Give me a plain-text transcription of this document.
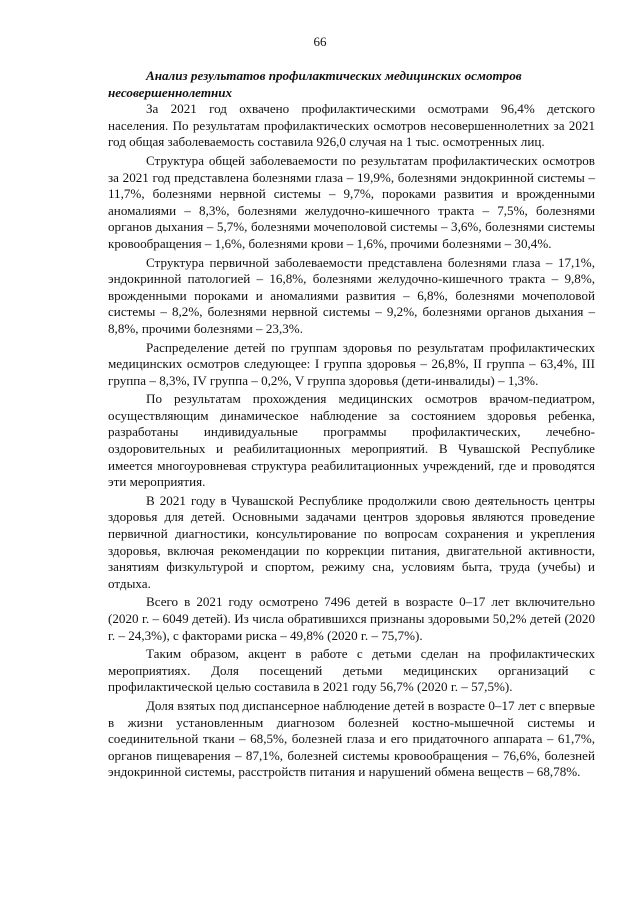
66
Анализ результатов профилактических медицинских осмотров несовершеннолетних

За 2021 год охвачено профилактическими осмотрами 96,4% детского населения. По результатам профилактических осмотров несовершеннолетних за 2021 год общая заболеваемость составила 926,0 случая на 1 тыс. осмотренных лиц.

Структура общей заболеваемости по результатам профилактических осмотров за 2021 год представлена болезнями глаза – 19,9%, болезнями эндокринной системы – 11,7%, болезнями нервной системы – 9,7%, пороками развития и врожденными аномалиями – 8,3%, болезнями желудочно-кишечного тракта – 7,5%, болезнями органов дыхания – 5,7%, болезнями мочеполовой системы – 3,6%, болезнями системы кровообращения – 1,6%, болезнями крови – 1,6%, прочими болезнями – 30,4%.

Структура первичной заболеваемости представлена болезнями глаза – 17,1%, эндокринной патологией – 16,8%, болезнями желудочно-кишечного тракта – 9,8%, врожденными пороками и аномалиями развития – 6,8%, болезнями мочеполовой системы – 8,2%, болезнями нервной системы – 9,2%, болезнями органов дыхания – 8,8%, прочими болезнями – 23,3%.

Распределение детей по группам здоровья по результатам профилактических медицинских осмотров следующее: I группа здоровья – 26,8%, II группа – 63,4%, III группа – 8,3%, IV группа – 0,2%, V группа здоровья (дети-инвалиды) – 1,3%.

По результатам прохождения медицинских осмотров врачом-педиатром, осуществляющим динамическое наблюдение за состоянием здоровья ребенка, разработаны индивидуальные программы профилактических, лечебно-оздоровительных и реабилитационных мероприятий. В Чувашской Республике имеется многоуровневая структура реабилитационных учреждений, где и проводятся эти мероприятия.

В 2021 году в Чувашской Республике продолжили свою деятельность центры здоровья для детей. Основными задачами центров здоровья являются проведение первичной диагностики, консультирование по вопросам сохранения и укрепления здоровья, включая рекомендации по коррекции питания, двигательной активности, занятиям физкультурой и спортом, режиму сна, условиям быта, труда (учебы) и отдыха.

Всего в 2021 году осмотрено 7496 детей в возрасте 0–17 лет включительно (2020 г. – 6049 детей). Из числа обратившихся признаны здоровыми 50,2% детей (2020 г. – 24,3%), с факторами риска – 49,8% (2020 г. – 75,7%).

Таким образом, акцент в работе с детьми сделан на профилактических мероприятиях. Доля посещений детьми медицинских организаций с профилактической целью составила в 2021 году 56,7% (2020 г. – 57,5%).

Доля взятых под диспансерное наблюдение детей в возрасте 0–17 лет с впервые в жизни установленным диагнозом болезней костно-мышечной системы и соединительной ткани – 68,5%, болезней глаза и его придаточного аппарата – 61,7%, органов пищеварения – 87,1%, болезней системы кровообращения – 76,6%, болезней эндокринной системы, расстройств питания и нарушений обмена веществ – 68,78%.
